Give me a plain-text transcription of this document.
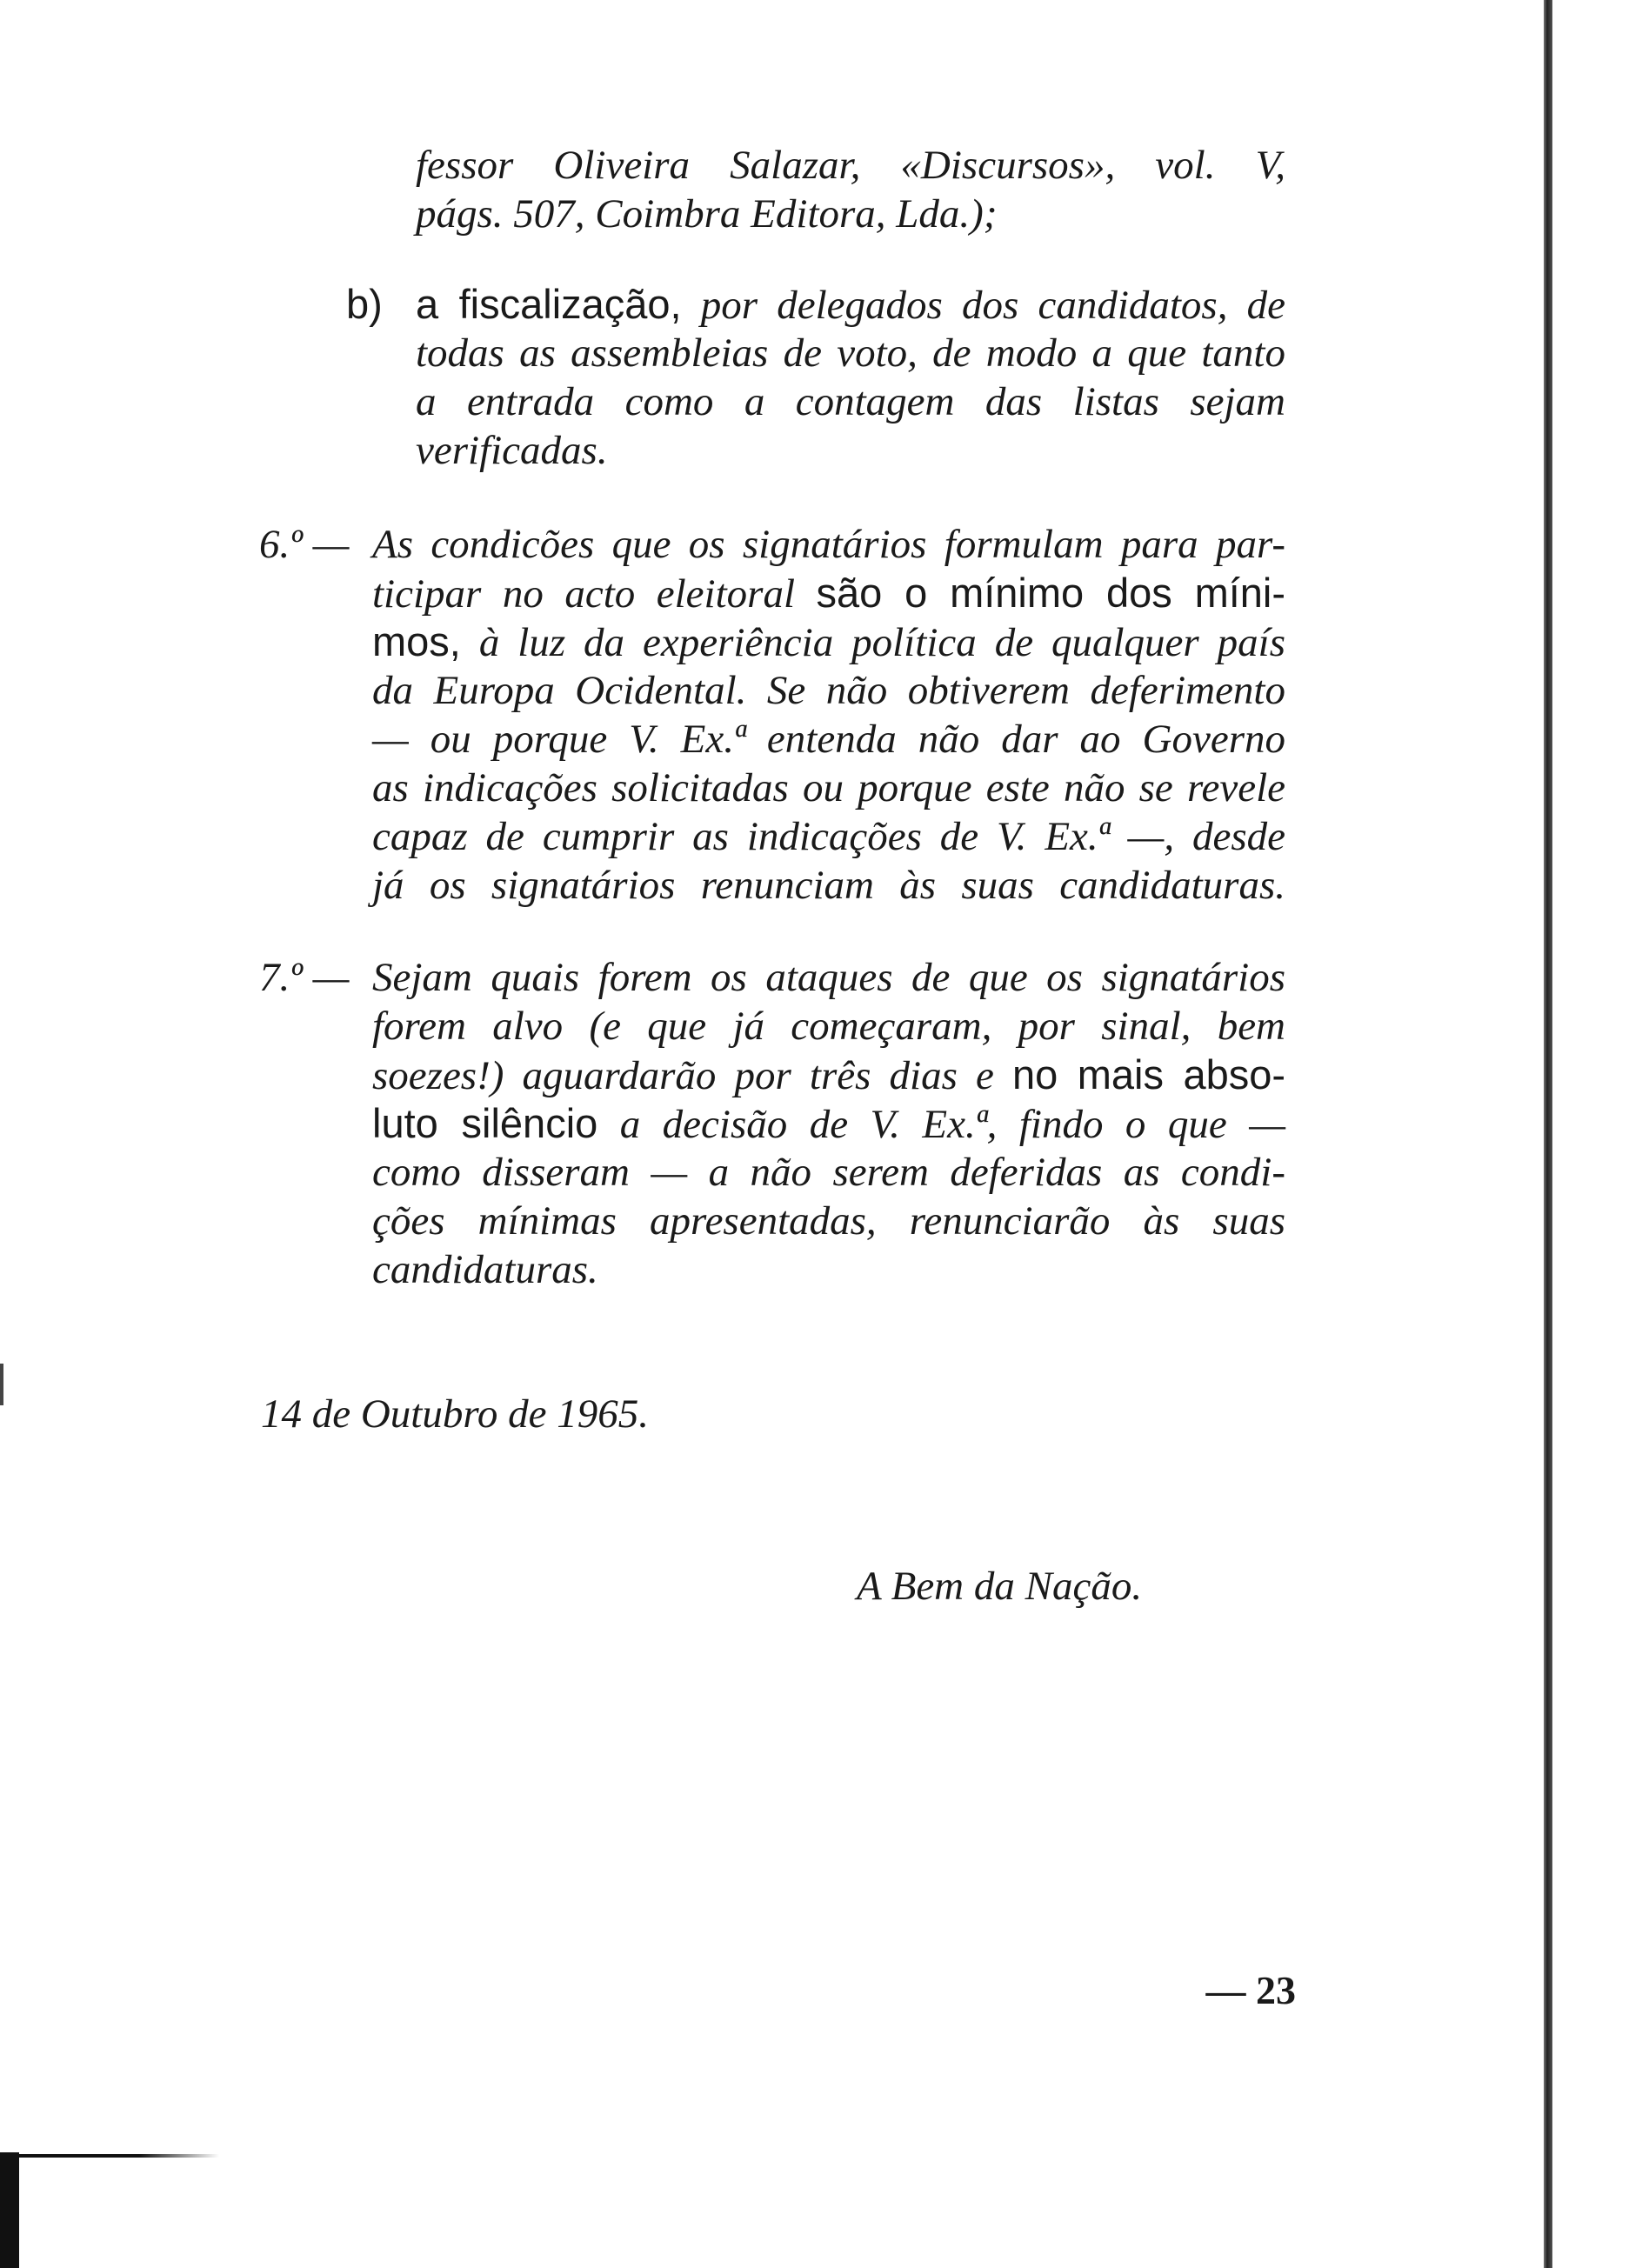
fessor Oliveira Salazar, «Discursos», vol. V,
págs. 507, Coimbra Editora, Lda.);
b) a fiscalização, por delegados dos candidatos, de
todas as assembleias de voto, de modo a que tanto
a entrada como a contagem das listas sejam
verificadas.
6.º — As condicões que os signatários formulam para par-
ticipar no acto eleitoral são o mínimo dos míni-
mos, à luz da experiência política de qualquer país
da Europa Ocidental. Se não obtiverem deferimento
— ou porque V. Ex.ª entenda não dar ao Governo
as indicações solicitadas ou porque este não se revele
capaz de cumprir as indicações de V. Ex.ª —, desde
já os signatários renunciam às suas candidaturas.
7.º — Sejam quais forem os ataques de que os signatários
forem alvo (e que já começaram, por sinal, bem
soezes!) aguardarão por três dias e no mais abso-
luto silêncio a decisão de V. Ex.ª, findo o que —
como disseram — a não serem deferidas as condi-
ções mínimas apresentadas, renunciarão às suas
candidaturas.
14 de Outubro de 1965.
A Bem da Nação.
— 23
